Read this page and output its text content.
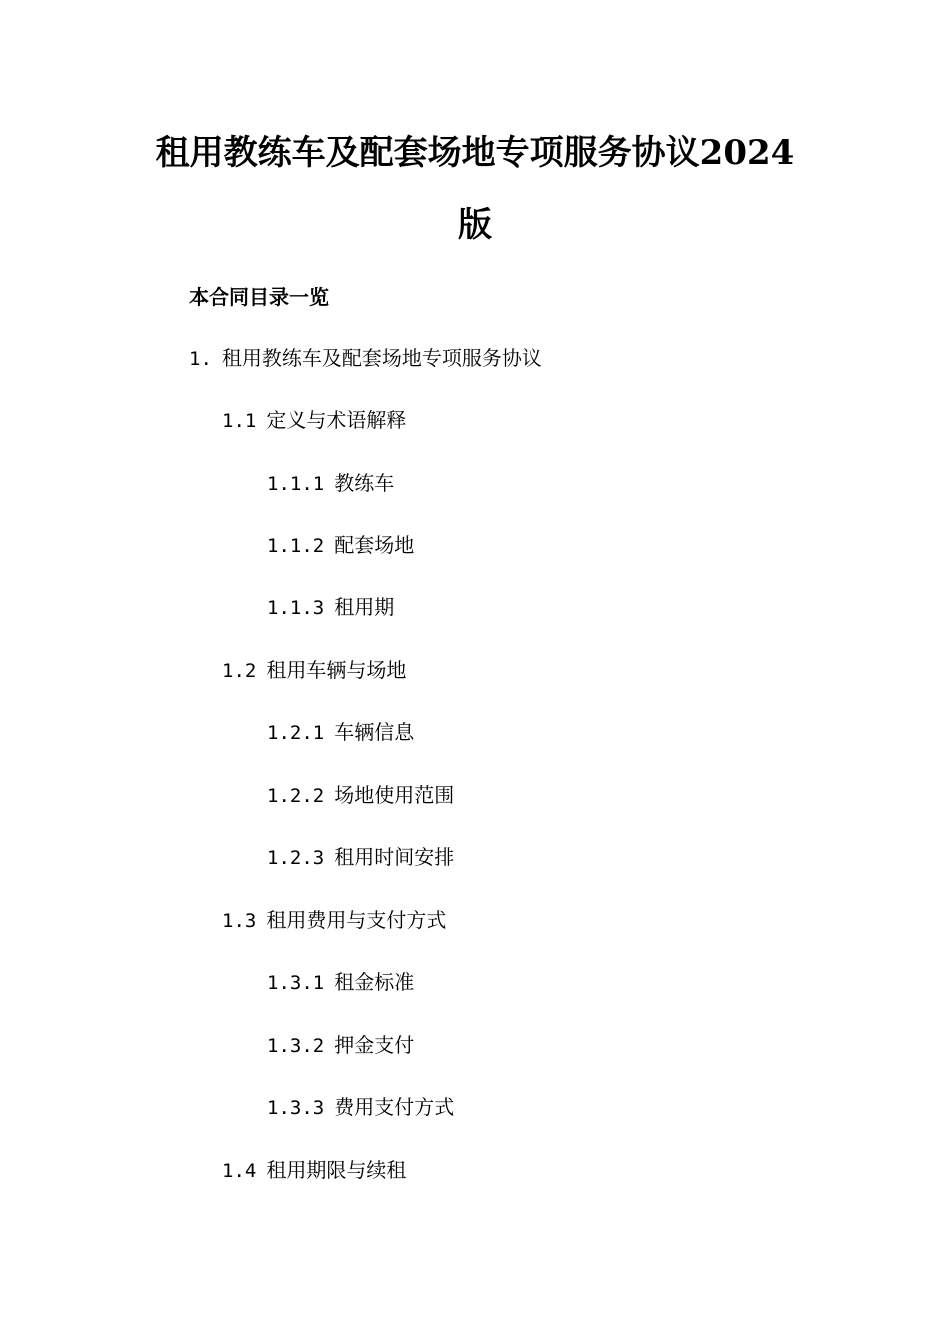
租用教练车及配套场地专项服务协议2024
版
本合同目录一览
1. 租用教练车及配套场地专项服务协议
1.1 定义与术语解释
1.1.1 教练车
1.1.2 配套场地
1.1.3 租用期
1.2 租用车辆与场地
1.2.1 车辆信息
1.2.2 场地使用范围
1.2.3 租用时间安排
1.3 租用费用与支付方式
1.3.1 租金标准
1.3.2 押金支付
1.3.3 费用支付方式
1.4 租用期限与续租
